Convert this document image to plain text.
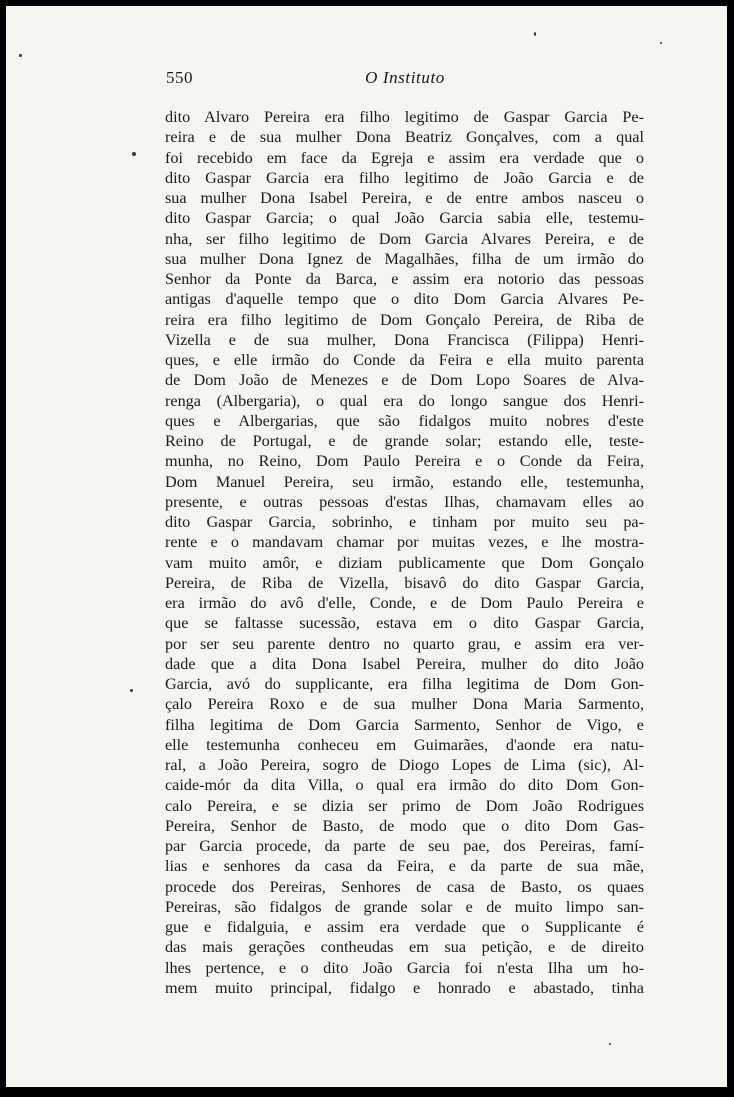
550	O Instituto
dito Alvaro Pereira era filho legitimo de Gaspar Garcia Pe-
reira e de sua mulher Dona Beatriz Gonçalves, com a qual
foi recebido em face da Egreja e assim era verdade que o
dito Gaspar Garcia era filho legitimo de João Garcia e de
sua mulher Dona Isabel Pereira, e de entre ambos nasceu o
dito Gaspar Garcia; o qual João Garcia sabia elle, testemu-
nha, ser filho legitimo de Dom Garcia Alvares Pereira, e de
sua mulher Dona Ignez de Magalhães, filha de um irmão do
Senhor da Ponte da Barca, e assim era notorio das pessoas
antigas d'aquelle tempo que o dito Dom Garcia Alvares Pe-
reira era filho legitimo de Dom Gonçalo Pereira, de Riba de
Vizella e de sua mulher, Dona Francisca (Filippa) Henri-
ques, e elle irmão do Conde da Feira e ella muito parenta
de Dom João de Menezes e de Dom Lopo Soares de Alva-
renga (Albergaria), o qual era do longo sangue dos Henri-
ques e Albergarias, que são fidalgos muito nobres d'este
Reino de Portugal, e de grande solar; estando elle, teste-
munha, no Reino, Dom Paulo Pereira e o Conde da Feira,
Dom Manuel Pereira, seu irmão, estando elle, testemunha,
presente, e outras pessoas d'estas Ilhas, chamavam elles ao
dito Gaspar Garcia, sobrinho, e tinham por muito seu pa-
rente e o mandavam chamar por muitas vezes, e lhe mostra-
vam muito amôr, e diziam publicamente que Dom Gonçalo
Pereira, de Riba de Vizella, bisavô do dito Gaspar Garcia,
era irmão do avô d'elle, Conde, e de Dom Paulo Pereira e
que se faltasse sucessão, estava em o dito Gaspar Garcia,
por ser seu parente dentro no quarto grau, e assim era ver-
dade que a dita Dona Isabel Pereira, mulher do dito João
Garcia, avó do supplicante, era filha legitima de Dom Gon-
çalo Pereira Roxo e de sua mulher Dona Maria Sarmento,
filha legitima de Dom Garcia Sarmento, Senhor de Vigo, e
elle testemunha conheceu em Guimarães, d'aonde era natu-
ral, a João Pereira, sogro de Diogo Lopes de Lima (sic), Al-
caide-mór da dita Villa, o qual era irmão do dito Dom Gon-
calo Pereira, e se dizia ser primo de Dom João Rodrigues
Pereira, Senhor de Basto, de modo que o dito Dom Gas-
par Garcia procede, da parte de seu pae, dos Pereiras, famí-
lias e senhores da casa da Feira, e da parte de sua mãe,
procede dos Pereiras, Senhores de casa de Basto, os quaes
Pereiras, são fidalgos de grande solar e de muito limpo san-
gue e fidalguia, e assim era verdade que o Supplicante é
das mais gerações contheudas em sua petição, e de direito
lhes pertence, e o dito João Garcia foi n'esta Ilha um ho-
mem muito principal, fidalgo e honrado e abastado, tinha
